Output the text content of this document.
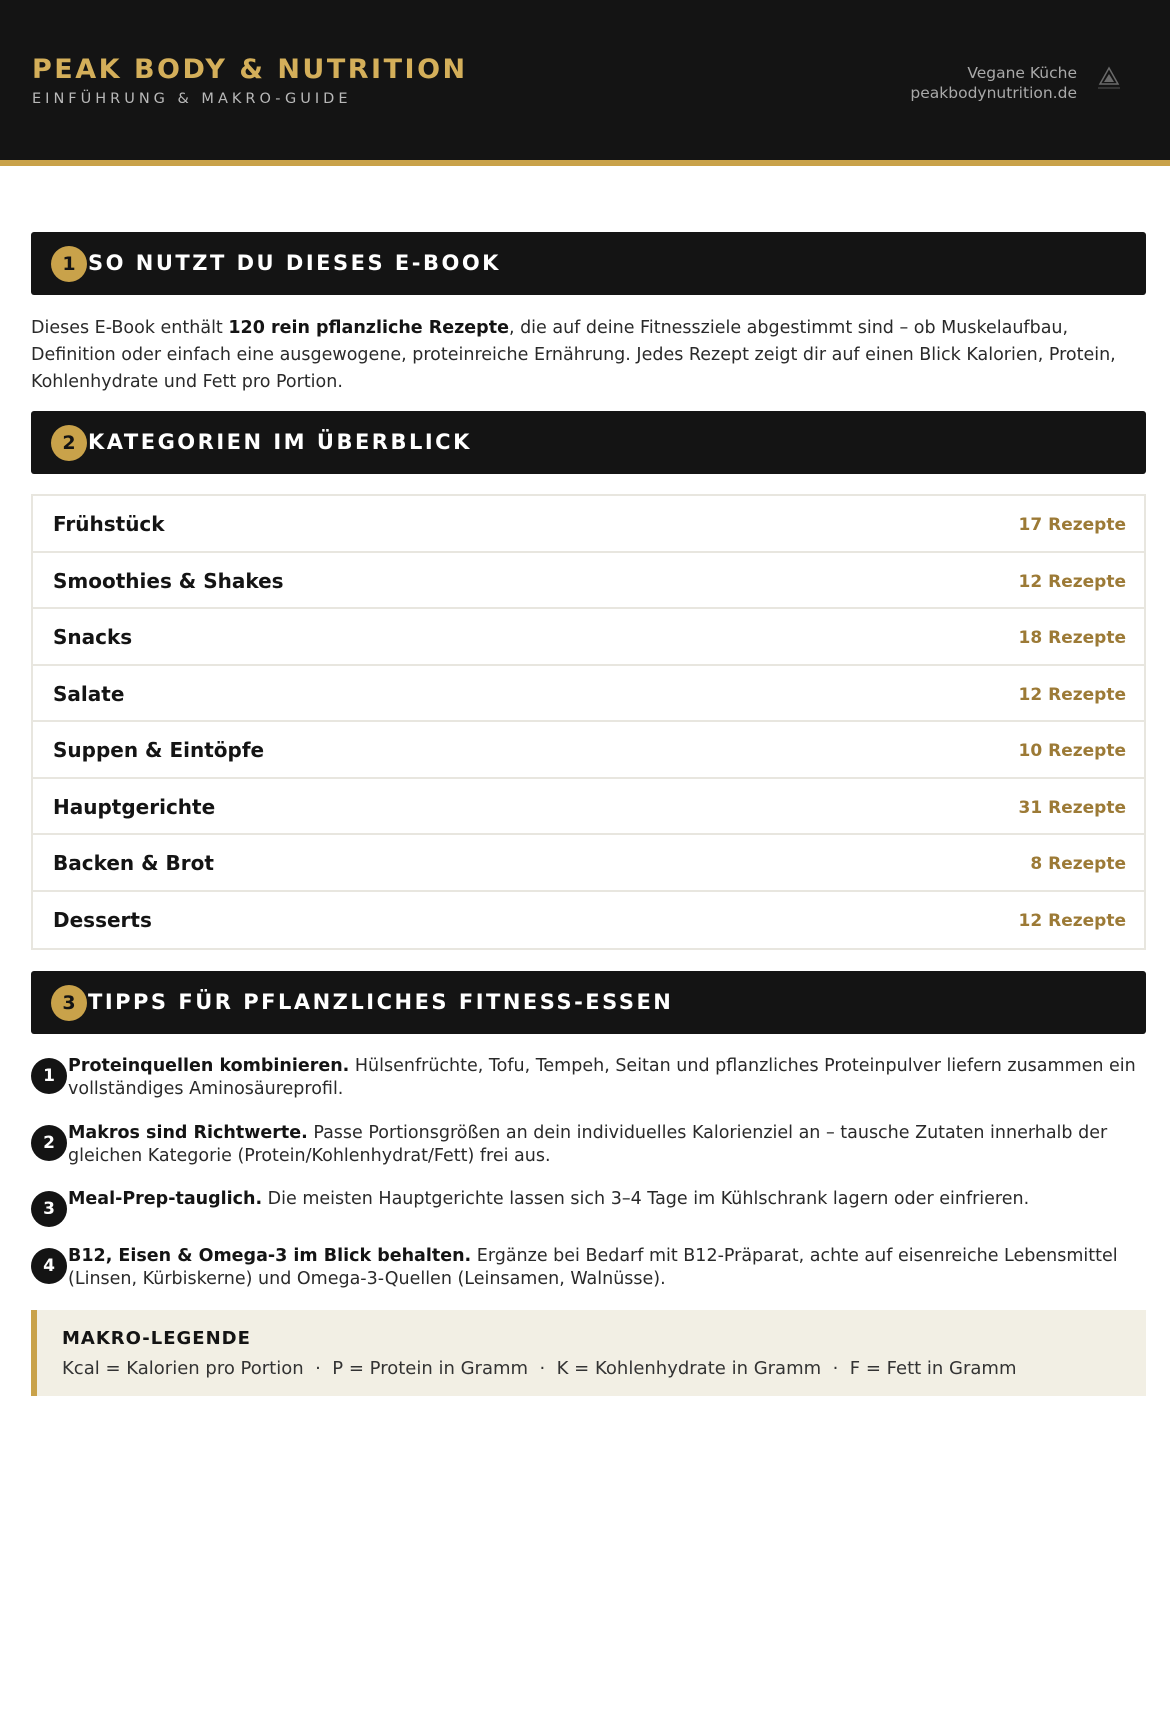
PEAK BODY & NUTRITION
EINFÜHRUNG & MAKRO-GUIDE
Vegane Küche
peakbodynutrition.de
1 SO NUTZT DU DIESES E-BOOK

Dieses E-Book enthält 120 rein pflanzliche Rezepte, die auf deine Fitnessziele abgestimmt sind – ob Muskelaufbau, Definition oder einfach eine ausgewogene, proteinreiche Ernährung. Jedes Rezept zeigt dir auf einen Blick Kalorien, Protein, Kohlenhydrate und Fett pro Portion.

2 KATEGORIEN IM ÜBERBLICK
Frühstück	17 Rezepte
Smoothies & Shakes	12 Rezepte
Snacks	18 Rezepte
Salate	12 Rezepte
Suppen & Eintöpfe	10 Rezepte
Hauptgerichte	31 Rezepte
Backen & Brot	8 Rezepte
Desserts	12 Rezepte
3 TIPPS FÜR PFLANZLICHES FITNESS-ESSEN
1 Proteinquellen kombinieren. Hülsenfrüchte, Tofu, Tempeh, Seitan und pflanzliches Proteinpulver liefern zusammen ein vollständiges Aminosäureprofil.

2 Makros sind Richtwerte. Passe Portionsgrößen an dein individuelles Kalorienziel an – tausche Zutaten innerhalb der gleichen Kategorie (Protein/Kohlenhydrat/Fett) frei aus.

3 Meal-Prep-tauglich. Die meisten Hauptgerichte lassen sich 3–4 Tage im Kühlschrank lagern oder einfrieren.

4 B12, Eisen & Omega-3 im Blick behalten. Ergänze bei Bedarf mit B12-Präparat, achte auf eisenreiche Lebensmittel (Linsen, Kürbiskerne) und Omega-3-Quellen (Leinsamen, Walnüsse).

MAKRO-LEGENDE
Kcal = Kalorien pro Portion  ·  P = Protein in Gramm  ·  K = Kohlenhydrate in Gramm  ·  F = Fett in Gramm
